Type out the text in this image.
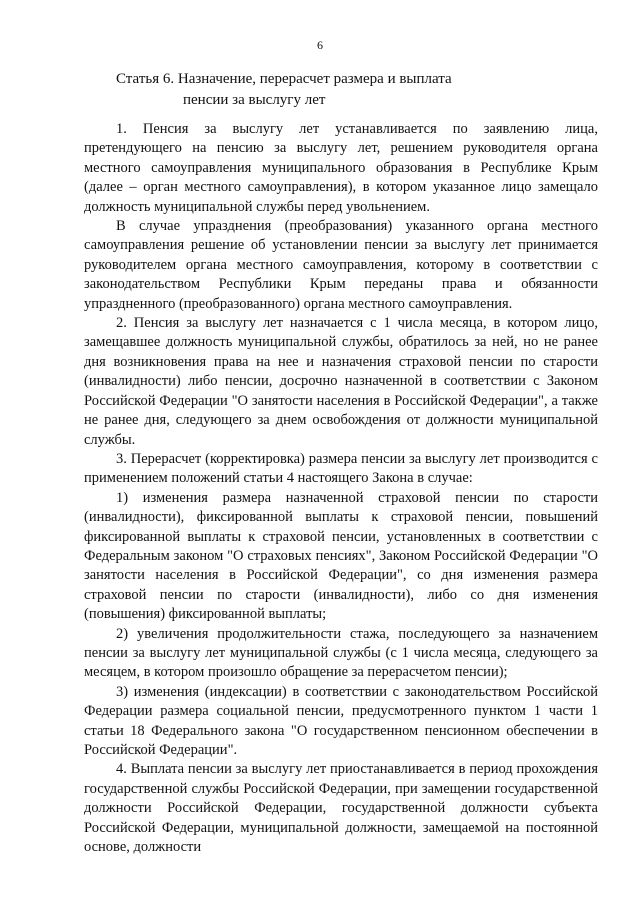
6
Статья 6. Назначение, перерасчет размера и выплата
пенсии за выслугу лет

1. Пенсия за выслугу лет устанавливается по заявлению лица, претендующего на пенсию за выслугу лет, решением руководителя органа местного самоуправления муниципального образования в Республике Крым (далее – орган местного самоуправления), в котором указанное лицо замещало должность муниципальной службы перед увольнением.

В случае упразднения (преобразования) указанного органа местного самоуправления решение об установлении пенсии за выслугу лет принимается руководителем органа местного самоуправления, которому в соответствии с законодательством Республики Крым переданы права и обязанности упраздненного (преобразованного) органа местного самоуправления.

2. Пенсия за выслугу лет назначается с 1 числа месяца, в котором лицо, замещавшее должность муниципальной службы, обратилось за ней, но не ранее дня возникновения права на нее и назначения страховой пенсии по старости (инвалидности) либо пенсии, досрочно назначенной в соответствии с Законом Российской Федерации "О занятости населения в Российской Федерации", а также не ранее дня, следующего за днем освобождения от должности муниципальной службы.

3. Перерасчет (корректировка) размера пенсии за выслугу лет производится с применением положений статьи 4 настоящего Закона в случае:

1) изменения размера назначенной страховой пенсии по старости (инвалидности), фиксированной выплаты к страховой пенсии, повышений фиксированной выплаты к страховой пенсии, установленных в соответствии с Федеральным законом "О страховых пенсиях", Законом Российской Федерации "О занятости населения в Российской Федерации", со дня изменения размера страховой пенсии по старости (инвалидности), либо со дня изменения (повышения) фиксированной выплаты;

2) увеличения продолжительности стажа, последующего за назначением пенсии за выслугу лет муниципальной службы (с 1 числа месяца, следующего за месяцем, в котором произошло обращение за перерасчетом пенсии);

3) изменения (индексации) в соответствии с законодательством Российской Федерации размера социальной пенсии, предусмотренного пунктом 1 части 1 статьи 18 Федерального закона "О государственном пенсионном обеспечении в Российской Федерации".

4. Выплата пенсии за выслугу лет приостанавливается в период прохождения государственной службы Российской Федерации, при замещении государственной должности Российской Федерации, государственной должности субъекта Российской Федерации, муниципальной должности, замещаемой на постоянной основе, должности
